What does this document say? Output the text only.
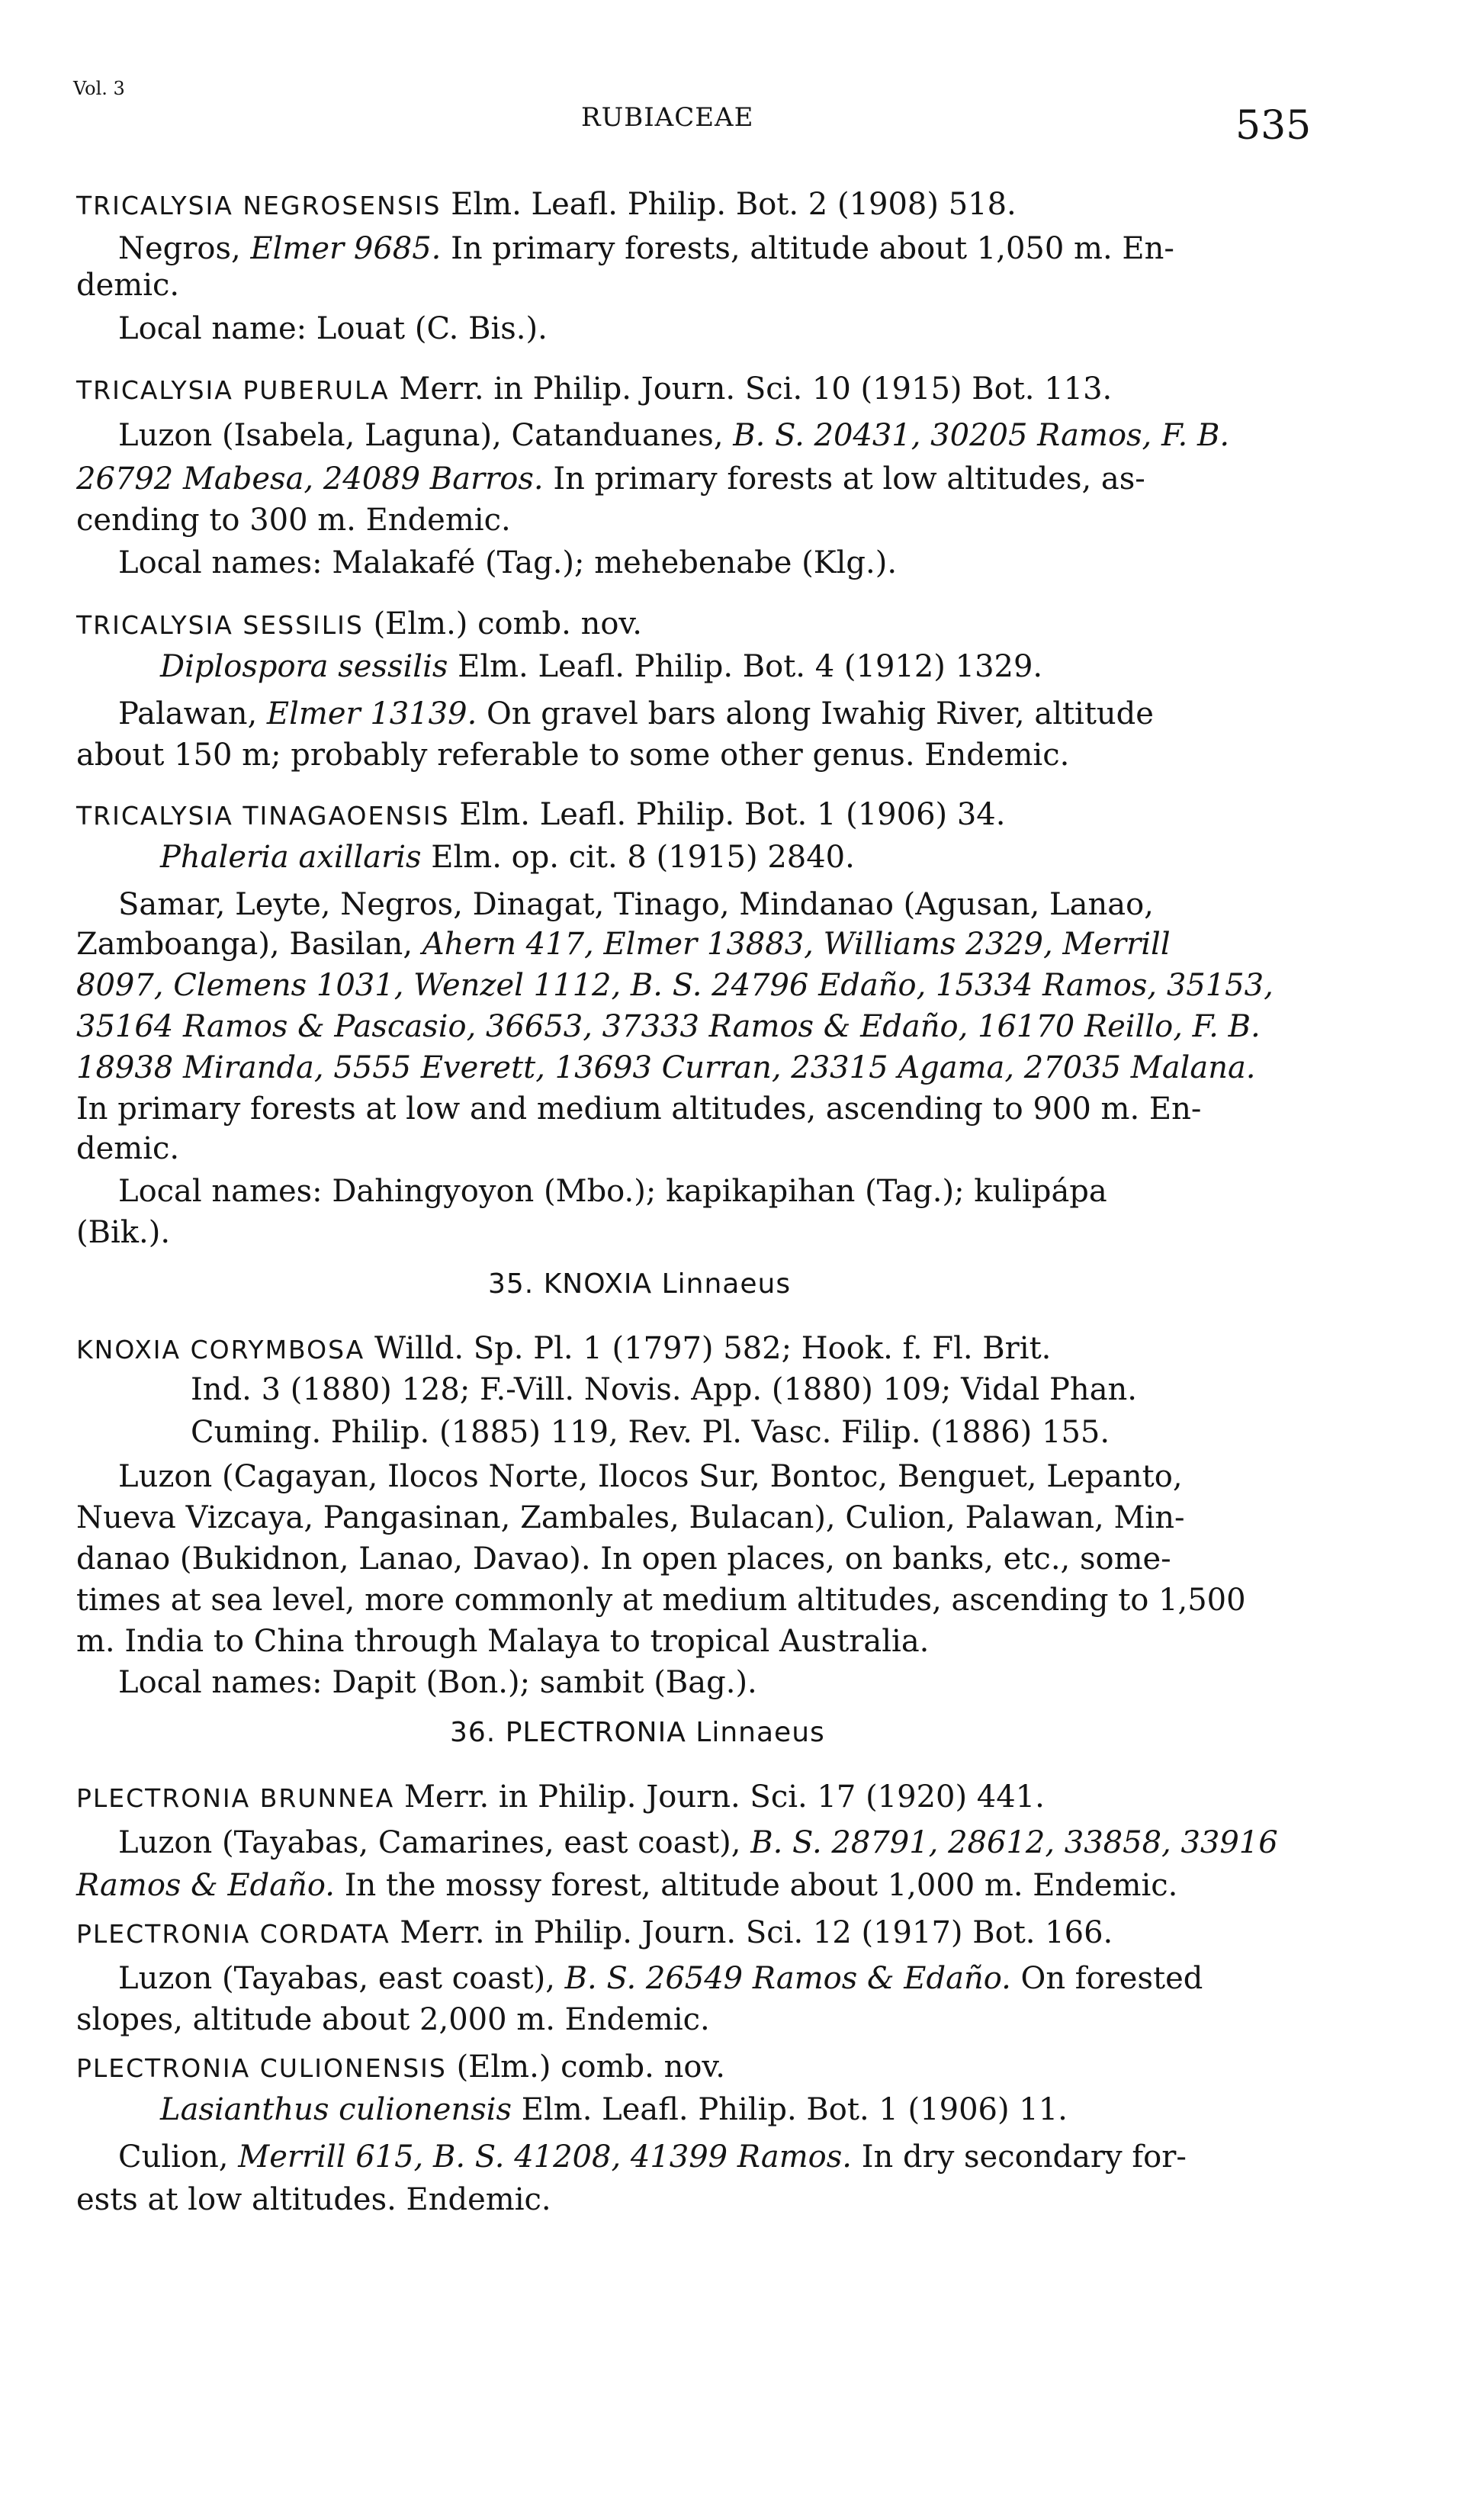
Vol. 3
RUBIACEAE	535
TRICALYSIA NEGROSENSIS Elm. Leafl. Philip. Bot. 2 (1908) 518.
Negros, Elmer 9685. In primary forests, altitude about 1,050 m. En-
demic.
Local name: Louat (C. Bis.).
TRICALYSIA PUBERULA Merr. in Philip. Journ. Sci. 10 (1915) Bot. 113.
Luzon (Isabela, Laguna), Catanduanes, B. S. 20431, 30205 Ramos, F. B.
26792 Mabesa, 24089 Barros. In primary forests at low altitudes, as-
cending to 300 m. Endemic.
Local names: Malakafé (Tag.); mehebenabe (Klg.).
TRICALYSIA SESSILIS (Elm.) comb. nov.
Diplospora sessilis Elm. Leafl. Philip. Bot. 4 (1912) 1329.
Palawan, Elmer 13139. On gravel bars along Iwahig River, altitude
about 150 m; probably referable to some other genus. Endemic.
TRICALYSIA TINAGAOENSIS Elm. Leafl. Philip. Bot. 1 (1906) 34.
Phaleria axillaris Elm. op. cit. 8 (1915) 2840.
Samar, Leyte, Negros, Dinagat, Tinago, Mindanao (Agusan, Lanao,
Zamboanga), Basilan, Ahern 417, Elmer 13883, Williams 2329, Merrill
8097, Clemens 1031, Wenzel 1112, B. S. 24796 Edaño, 15334 Ramos, 35153,
35164 Ramos & Pascasio, 36653, 37333 Ramos & Edaño, 16170 Reillo, F. B.
18938 Miranda, 5555 Everett, 13693 Curran, 23315 Agama, 27035 Malana.
In primary forests at low and medium altitudes, ascending to 900 m. En-
demic.
Local names: Dahingyoyon (Mbo.); kapikapihan (Tag.); kulipápa
(Bik.).
35. KNOXIA Linnaeus
KNOXIA CORYMBOSA Willd. Sp. Pl. 1 (1797) 582; Hook. f. Fl. Brit.
Ind. 3 (1880) 128; F.-Vill. Novis. App. (1880) 109; Vidal Phan.
Cuming. Philip. (1885) 119, Rev. Pl. Vasc. Filip. (1886) 155.
Luzon (Cagayan, Ilocos Norte, Ilocos Sur, Bontoc, Benguet, Lepanto,
Nueva Vizcaya, Pangasinan, Zambales, Bulacan), Culion, Palawan, Min-
danao (Bukidnon, Lanao, Davao). In open places, on banks, etc., some-
times at sea level, more commonly at medium altitudes, ascending to 1,500
m. India to China through Malaya to tropical Australia.
Local names: Dapit (Bon.); sambit (Bag.).
36. PLECTRONIA Linnaeus
PLECTRONIA BRUNNEA Merr. in Philip. Journ. Sci. 17 (1920) 441.
Luzon (Tayabas, Camarines, east coast), B. S. 28791, 28612, 33858, 33916
Ramos & Edaño. In the mossy forest, altitude about 1,000 m. Endemic.
PLECTRONIA CORDATA Merr. in Philip. Journ. Sci. 12 (1917) Bot. 166.
Luzon (Tayabas, east coast), B. S. 26549 Ramos & Edaño. On forested
slopes, altitude about 2,000 m. Endemic.
PLECTRONIA CULIONENSIS (Elm.) comb. nov.
Lasianthus culionensis Elm. Leafl. Philip. Bot. 1 (1906) 11.
Culion, Merrill 615, B. S. 41208, 41399 Ramos. In dry secondary for-
ests at low altitudes. Endemic.
